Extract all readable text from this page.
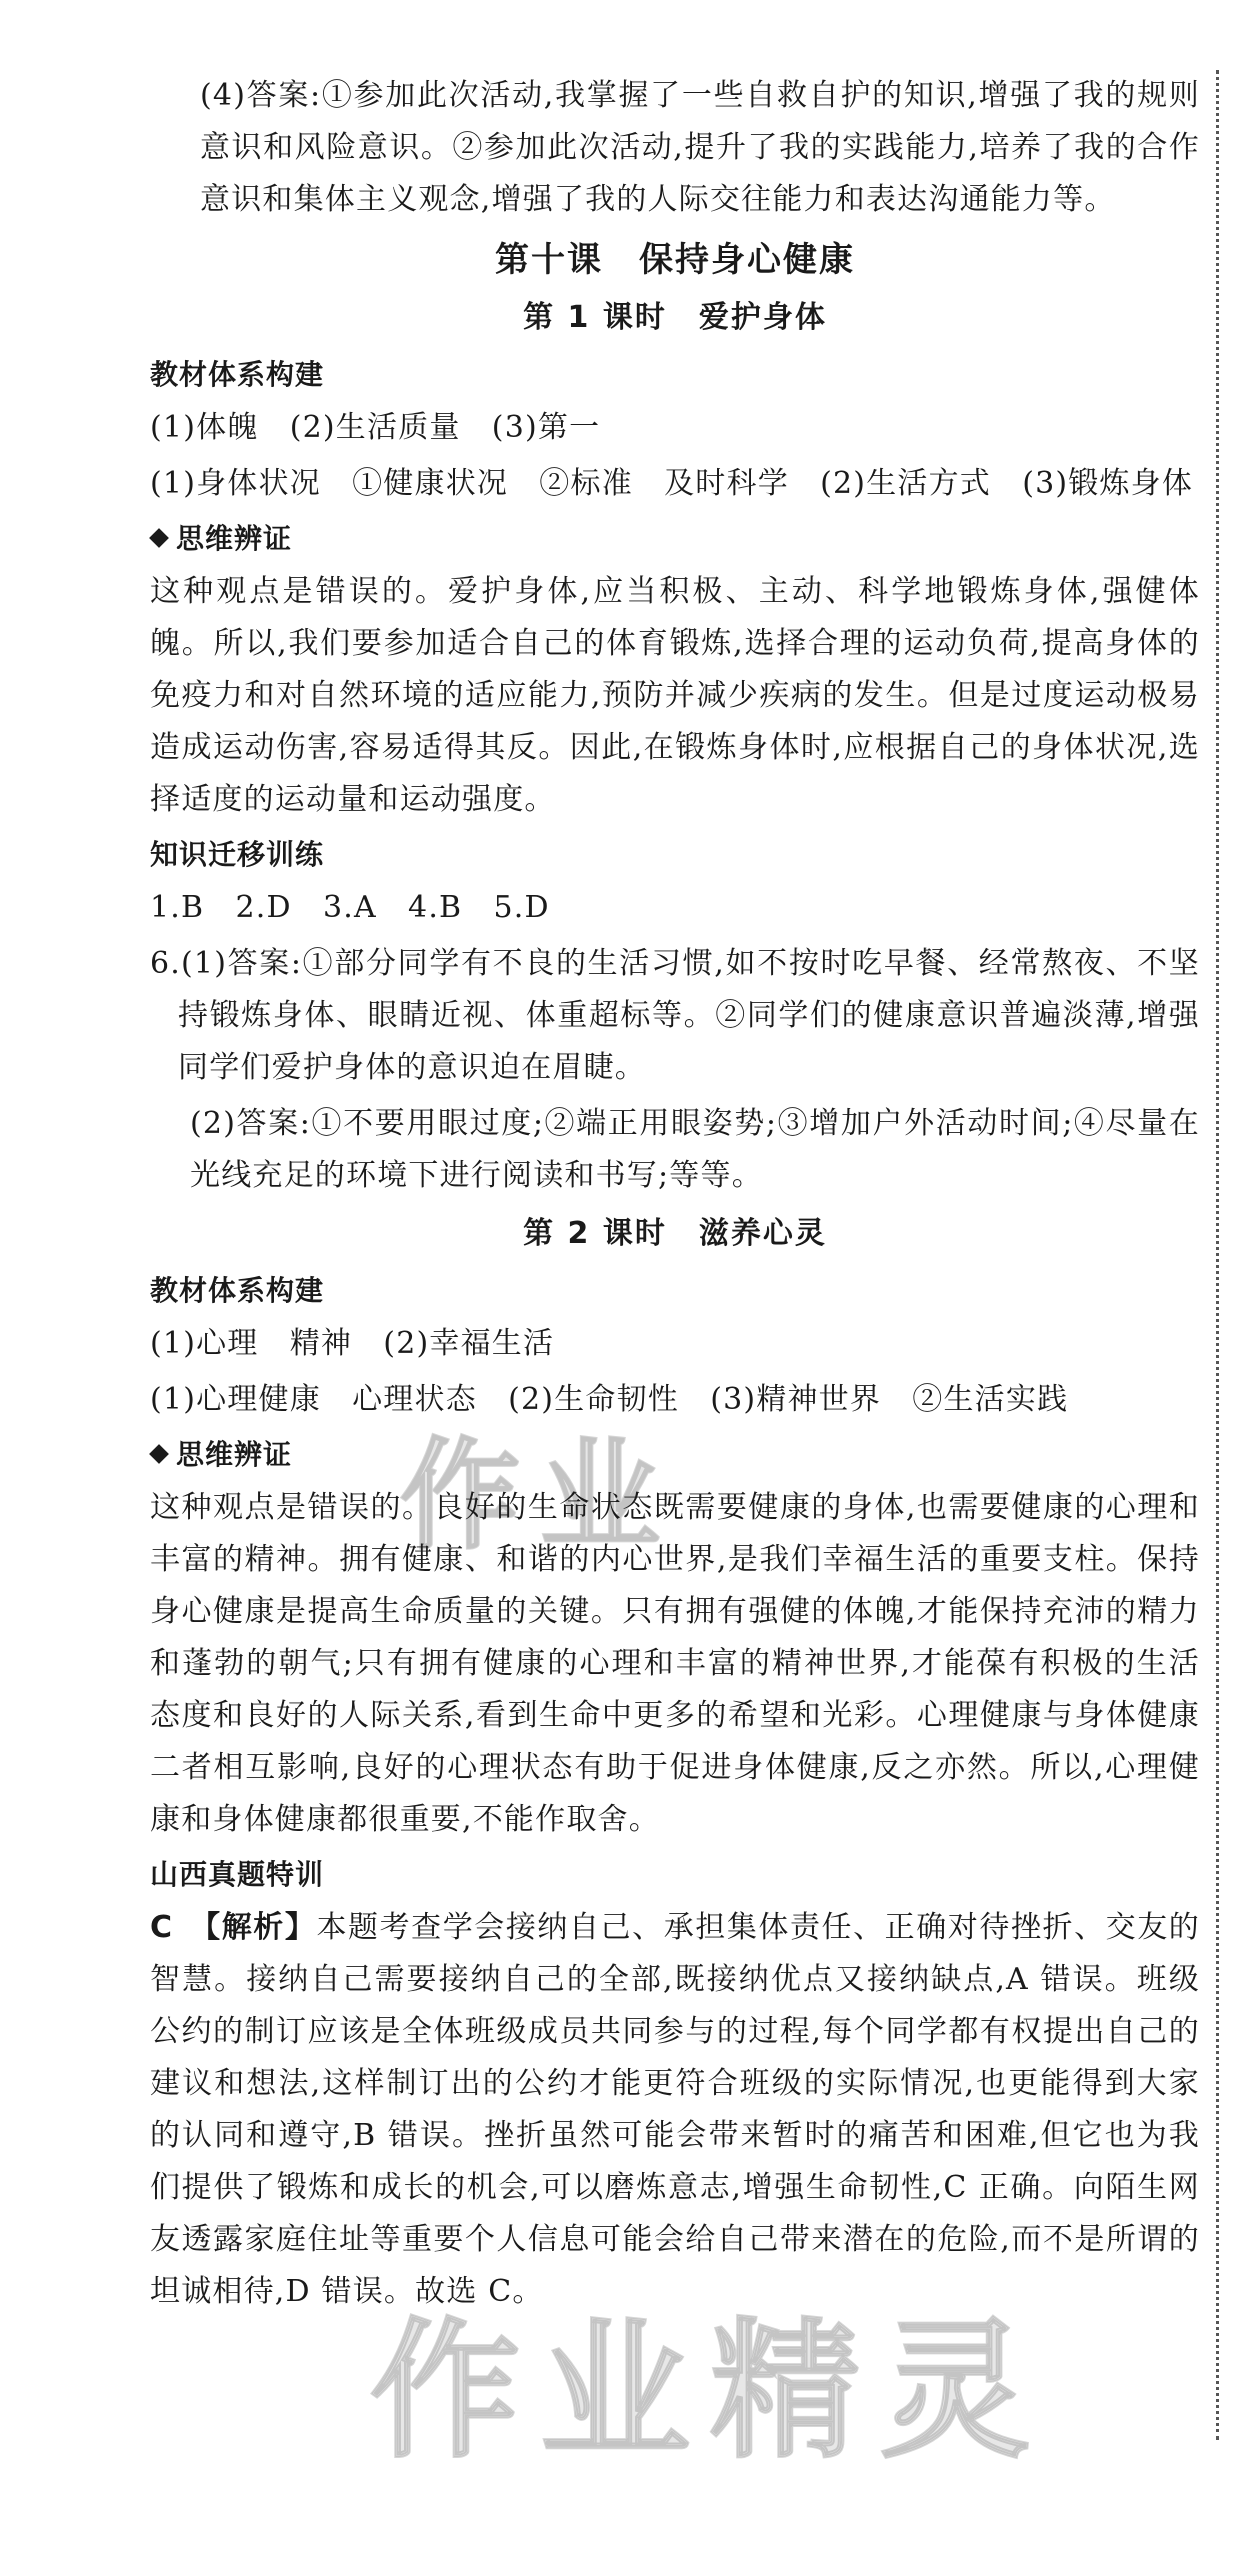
作业
作业精灵

(4)答案:①参加此次活动,我掌握了一些自救自护的知识,增强了我的规则意识和风险意识。②参加此次活动,提升了我的实践能力,培养了我的合作意识和集体主义观念,增强了我的人际交往能力和表达沟通能力等。

第十课　保持身心健康
第 1 课时　爱护身体
教材体系构建

(1)体魄　(2)生活质量　(3)第一

(1)身体状况　①健康状况　②标准　及时科学　(2)生活方式　(3)锻炼身体

思维辨证

这种观点是错误的。爱护身体,应当积极、主动、科学地锻炼身体,强健体魄。所以,我们要参加适合自己的体育锻炼,选择合理的运动负荷,提高身体的免疫力和对自然环境的适应能力,预防并减少疾病的发生。但是过度运动极易造成运动伤害,容易适得其反。因此,在锻炼身体时,应根据自己的身体状况,选择适度的运动量和运动强度。

知识迁移训练

1.B　2.D　3.A　4.B　5.D

6.(1)答案:①部分同学有不良的生活习惯,如不按时吃早餐、经常熬夜、不坚持锻炼身体、眼睛近视、体重超标等。②同学们的健康意识普遍淡薄,增强同学们爱护身体的意识迫在眉睫。

(2)答案:①不要用眼过度;②端正用眼姿势;③增加户外活动时间;④尽量在光线充足的环境下进行阅读和书写;等等。

第 2 课时　滋养心灵
教材体系构建

(1)心理　精神　(2)幸福生活

(1)心理健康　心理状态　(2)生命韧性　(3)精神世界　②生活实践

思维辨证

这种观点是错误的。良好的生命状态既需要健康的身体,也需要健康的心理和丰富的精神。拥有健康、和谐的内心世界,是我们幸福生活的重要支柱。保持身心健康是提高生命质量的关键。只有拥有强健的体魄,才能保持充沛的精力和蓬勃的朝气;只有拥有健康的心理和丰富的精神世界,才能葆有积极的生活态度和良好的人际关系,看到生命中更多的希望和光彩。心理健康与身体健康二者相互影响,良好的心理状态有助于促进身体健康,反之亦然。所以,心理健康和身体健康都很重要,不能作取舍。

山西真题特训

C　 【解析】本题考查学会接纳自己、承担集体责任、正确对待挫折、交友的智慧。接纳自己需要接纳自己的全部,既接纳优点又接纳缺点,A 错误。班级公约的制订应该是全体班级成员共同参与的过程,每个同学都有权提出自己的建议和想法,这样制订出的公约才能更符合班级的实际情况,也更能得到大家的认同和遵守,B 错误。挫折虽然可能会带来暂时的痛苦和困难,但它也为我们提供了锻炼和成长的机会,可以磨炼意志,增强生命韧性,C 正确。向陌生网友透露家庭住址等重要个人信息可能会给自己带来潜在的危险,而不是所谓的坦诚相待,D 错误。故选 C。
